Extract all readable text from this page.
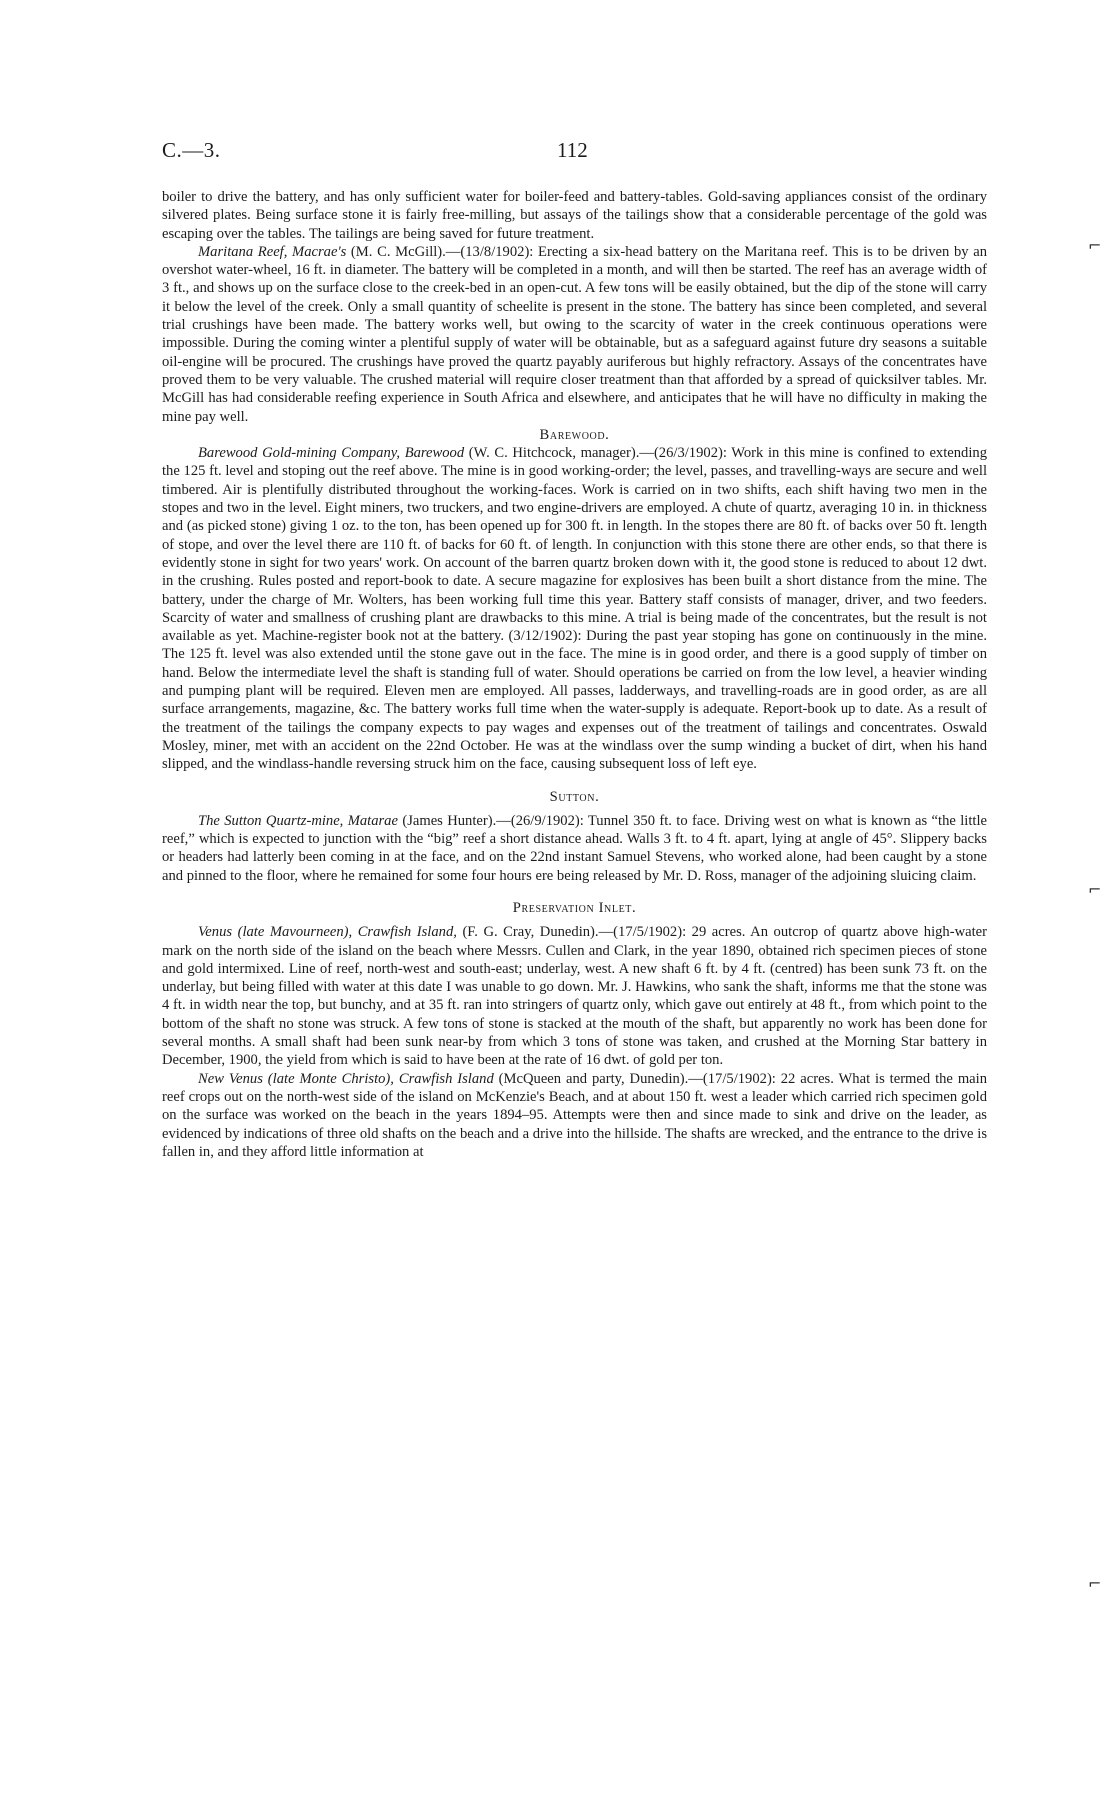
C.—3.	112
⌐
⌐
⌐

boiler to drive the battery, and has only sufficient water for boiler-feed and battery-tables. Gold-saving appliances consist of the ordinary silvered plates. Being surface stone it is fairly free-milling, but assays of the tailings show that a considerable percentage of the gold was escaping over the tables. The tailings are being saved for future treatment.

Maritana Reef, Macrae's (M. C. McGill).—(13/8/1902): Erecting a six-head battery on the Maritana reef. This is to be driven by an overshot water-wheel, 16 ft. in diameter. The battery will be completed in a month, and will then be started. The reef has an average width of 3 ft., and shows up on the surface close to the creek-bed in an open-cut. A few tons will be easily obtained, but the dip of the stone will carry it below the level of the creek. Only a small quantity of scheelite is present in the stone. The battery has since been completed, and several trial crushings have been made. The battery works well, but owing to the scarcity of water in the creek continuous operations were impossible. During the coming winter a plentiful supply of water will be obtainable, but as a safeguard against future dry seasons a suitable oil-engine will be procured. The crushings have proved the quartz payably auriferous but highly refractory. Assays of the concentrates have proved them to be very valuable. The crushed material will require closer treatment than that afforded by a spread of quicksilver tables. Mr. McGill has had considerable reefing experience in South Africa and elsewhere, and anticipates that he will have no difficulty in making the mine pay well.

Barewood.

Barewood Gold-mining Company, Barewood (W. C. Hitchcock, manager).—(26/3/1902): Work in this mine is confined to extending the 125 ft. level and stoping out the reef above. The mine is in good working-order; the level, passes, and travelling-ways are secure and well timbered. Air is plentifully distributed throughout the working-faces. Work is carried on in two shifts, each shift having two men in the stopes and two in the level. Eight miners, two truckers, and two engine-drivers are employed. A chute of quartz, averaging 10 in. in thickness and (as picked stone) giving 1 oz. to the ton, has been opened up for 300 ft. in length. In the stopes there are 80 ft. of backs over 50 ft. length of stope, and over the level there are 110 ft. of backs for 60 ft. of length. In conjunction with this stone there are other ends, so that there is evidently stone in sight for two years' work. On account of the barren quartz broken down with it, the good stone is reduced to about 12 dwt. in the crushing. Rules posted and report-book to date. A secure magazine for explosives has been built a short distance from the mine. The battery, under the charge of Mr. Wolters, has been working full time this year. Battery staff consists of manager, driver, and two feeders. Scarcity of water and smallness of crushing plant are drawbacks to this mine. A trial is being made of the concentrates, but the result is not available as yet. Machine-register book not at the battery. (3/12/1902): During the past year stoping has gone on continuously in the mine. The 125 ft. level was also extended until the stone gave out in the face. The mine is in good order, and there is a good supply of timber on hand. Below the intermediate level the shaft is standing full of water. Should operations be carried on from the low level, a heavier winding and pumping plant will be required. Eleven men are employed. All passes, ladderways, and travelling-roads are in good order, as are all surface arrangements, magazine, &c. The battery works full time when the water-supply is adequate. Report-book up to date. As a result of the treatment of the tailings the company expects to pay wages and expenses out of the treatment of tailings and concentrates. Oswald Mosley, miner, met with an accident on the 22nd October. He was at the windlass over the sump winding a bucket of dirt, when his hand slipped, and the windlass-handle reversing struck him on the face, causing subsequent loss of left eye.

Sutton.

The Sutton Quartz-mine, Matarae (James Hunter).—(26/9/1902): Tunnel 350 ft. to face. Driving west on what is known as “the little reef,” which is expected to junction with the “big” reef a short distance ahead. Walls 3 ft. to 4 ft. apart, lying at angle of 45°. Slippery backs or headers had latterly been coming in at the face, and on the 22nd instant Samuel Stevens, who worked alone, had been caught by a stone and pinned to the floor, where he remained for some four hours ere being released by Mr. D. Ross, manager of the adjoining sluicing claim.

Preservation Inlet.

Venus (late Mavourneen), Crawfish Island, (F. G. Cray, Dunedin).—(17/5/1902): 29 acres. An outcrop of quartz above high-water mark on the north side of the island on the beach where Messrs. Cullen and Clark, in the year 1890, obtained rich specimen pieces of stone and gold intermixed. Line of reef, north-west and south-east; underlay, west. A new shaft 6 ft. by 4 ft. (centred) has been sunk 73 ft. on the underlay, but being filled with water at this date I was unable to go down. Mr. J. Hawkins, who sank the shaft, informs me that the stone was 4 ft. in width near the top, but bunchy, and at 35 ft. ran into stringers of quartz only, which gave out entirely at 48 ft., from which point to the bottom of the shaft no stone was struck. A few tons of stone is stacked at the mouth of the shaft, but apparently no work has been done for several months. A small shaft had been sunk near-by from which 3 tons of stone was taken, and crushed at the Morning Star battery in December, 1900, the yield from which is said to have been at the rate of 16 dwt. of gold per ton.

New Venus (late Monte Christo), Crawfish Island (McQueen and party, Dunedin).—(17/5/1902): 22 acres. What is termed the main reef crops out on the north-west side of the island on McKenzie's Beach, and at about 150 ft. west a leader which carried rich specimen gold on the surface was worked on the beach in the years 1894–95. Attempts were then and since made to sink and drive on the leader, as evidenced by indications of three old shafts on the beach and a drive into the hillside. The shafts are wrecked, and the entrance to the drive is fallen in, and they afford little information at
